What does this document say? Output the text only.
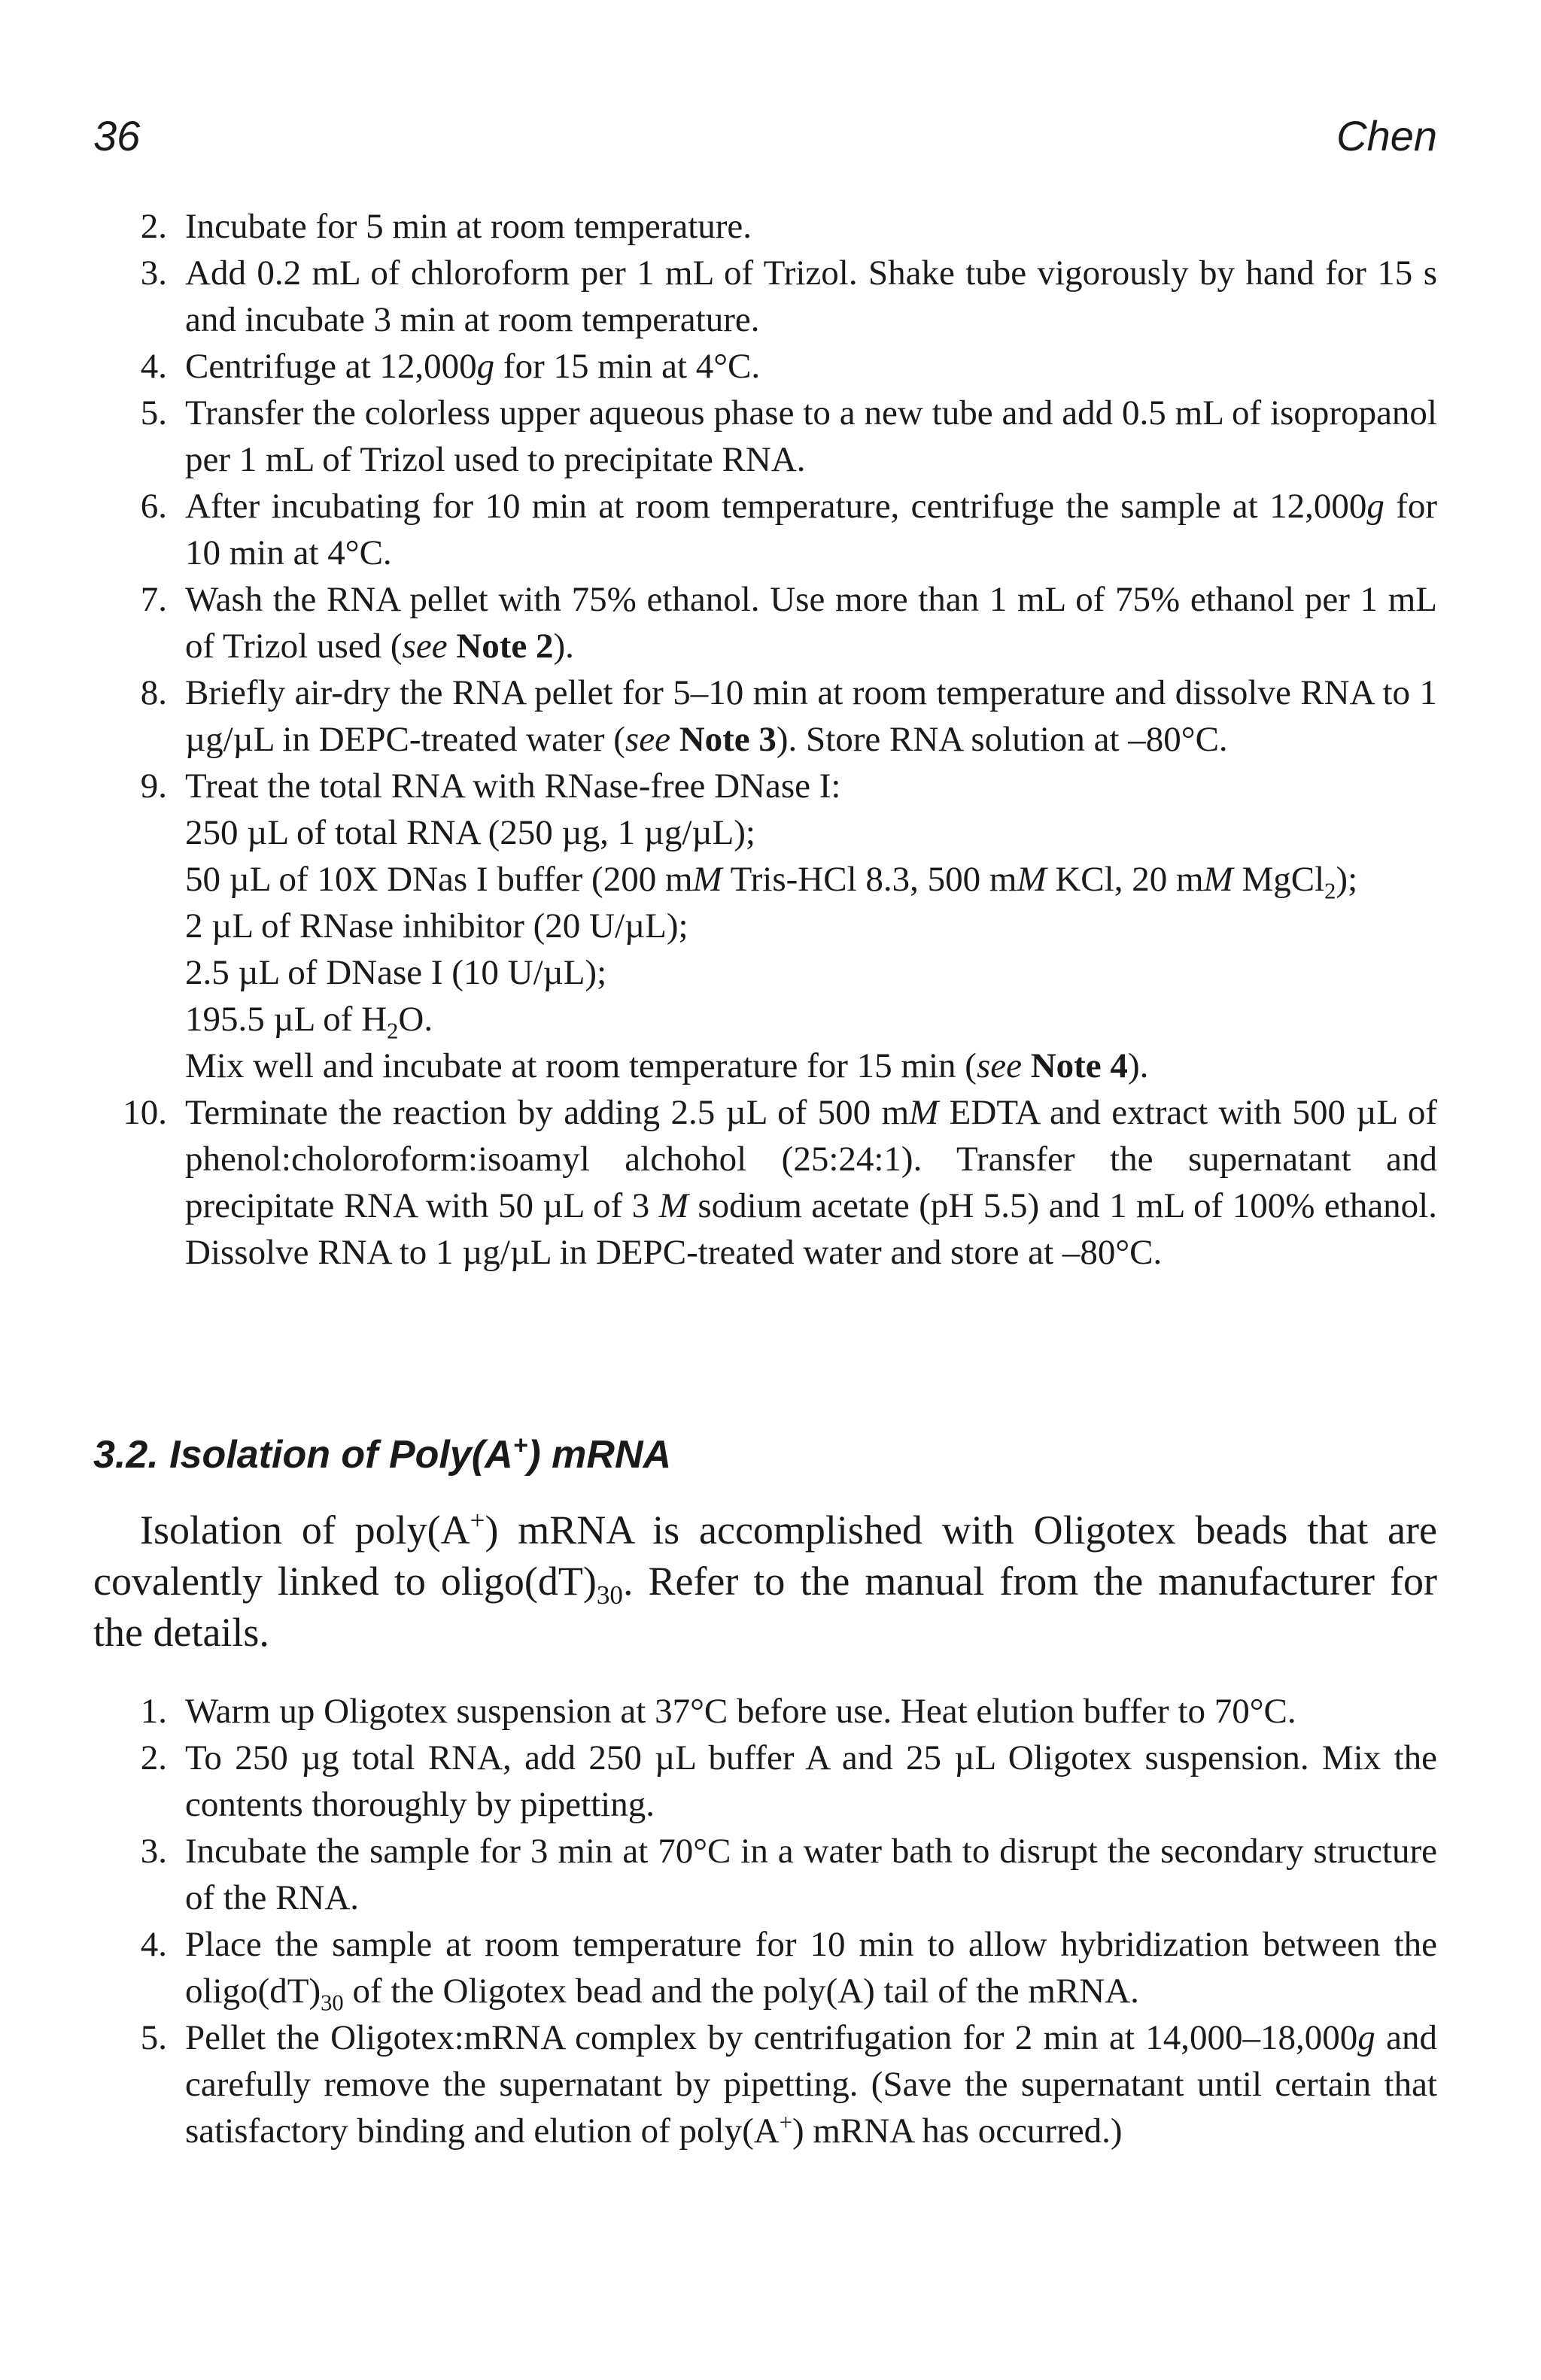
36	Chen
2. Incubate for 5 min at room temperature.
3. Add 0.2 mL of chloroform per 1 mL of Trizol. Shake tube vigorously by hand for 15 s and incubate 3 min at room temperature.
4. Centrifuge at 12,000g for 15 min at 4°C.
5. Transfer the colorless upper aqueous phase to a new tube and add 0.5 mL of isopropanol per 1 mL of Trizol used to precipitate RNA.
6. After incubating for 10 min at room temperature, centrifuge the sample at 12,000g for 10 min at 4°C.
7. Wash the RNA pellet with 75% ethanol. Use more than 1 mL of 75% ethanol per 1 mL of Trizol used (see Note 2).
8. Briefly air-dry the RNA pellet for 5–10 min at room temperature and dissolve RNA to 1 µg/µL in DEPC-treated water (see Note 3). Store RNA solution at –80°C.
9. Treat the total RNA with RNase-free DNase I:
250 µL of total RNA (250 µg, 1 µg/µL);
50 µL of 10X DNas I buffer (200 mM Tris-HCl 8.3, 500 mM KCl, 20 mM MgCl$_2$);
2 µL of RNase inhibitor (20 U/µL);
2.5 µL of DNase I (10 U/µL);
195.5 µL of $H_2O$.
Mix well and incubate at room temperature for 15 min (see Note 4).
10. Terminate the reaction by adding 2.5 µL of 500 mM EDTA and extract with 500 µL of phenol:choloroform:isoamyl alchohol (25:24:1). Transfer the supernatant and precipitate RNA with 50 µL of 3 M sodium acetate (pH 5.5) and 1 mL of 100% ethanol. Dissolve RNA to 1 µg/µL in DEPC-treated water and store at –80°C.
3.2. Isolation of Poly(A+) mRNA
Isolation of poly(A+) mRNA is accomplished with Oligotex beads that are covalently linked to $oligo(dT)_{30}$. Refer to the manual from the manufacturer for the details.
1. Warm up Oligotex suspension at 37°C before use. Heat elution buffer to 70°C.
2. To 250 µg total RNA, add 250 µL buffer A and 25 µL Oligotex suspension. Mix the contents thoroughly by pipetting.
3. Incubate the sample for 3 min at 70°C in a water bath to disrupt the secondary structure of the RNA.
4. Place the sample at room temperature for 10 min to allow hybridization between the $oligo(dT)_{30}$ of the Oligotex bead and the poly(A) tail of the mRNA.
5. Pellet the Oligotex:mRNA complex by centrifugation for 2 min at 14,000–18,000g and carefully remove the supernatant by pipetting. (Save the supernatant until certain that satisfactory binding and elution of poly(A+) mRNA has occurred.)
